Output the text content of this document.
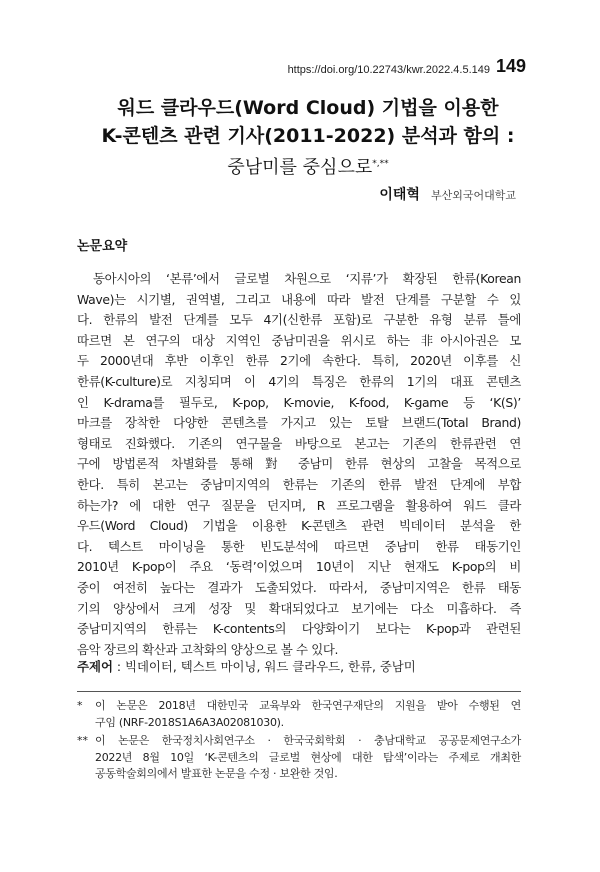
https://doi.org/10.22743/kwr.2022.4.5.149 149
워드 클라우드(Word Cloud) 기법을 이용한
K-콘텐츠 관련 기사(2011-2022) 분석과 함의 :
중남미를 중심으로*,**
이태혁 부산외국어대학교
논문요약
동아시아의 ‘본류’에서 글로벌 차원으로 ‘지류’가 확장된 한류(Korean
Wave)는 시기별, 권역별, 그리고 내용에 따라 발전 단계를 구분할 수 있
다. 한류의 발전 단계를 모두 4기(신한류 포함)로 구분한 유형 분류 틀에
따르면 본 연구의 대상 지역인 중남미권을 위시로 하는 非아시아권은 모
두 2000년대 후반 이후인 한류 2기에 속한다. 특히, 2020년 이후를 신
한류(K-culture)로 지칭되며 이 4기의 특징은 한류의 1기의 대표 콘텐츠
인 K-drama를 필두로, K-pop, K-movie, K-food, K-game 등 ‘K(S)’
마크를 장착한 다양한 콘텐츠를 가지고 있는 토탈 브랜드(Total Brand)
형태로 진화했다. 기존의 연구물을 바탕으로 본고는 기존의 한류관련 연
구에 방법론적 차별화를 통해 對 중남미 한류 현상의 고찰을 목적으로
한다. 특히 본고는 중남미지역의 한류는 기존의 한류 발전 단계에 부합
하는가? 에 대한 연구 질문을 던지며, R 프로그램을 활용하여 워드 클라
우드(Word Cloud) 기법을 이용한 K-콘텐츠 관련 빅데이터 분석을 한
다. 텍스트 마이닝을 통한 빈도분석에 따르면 중남미 한류 태동기인
2010년 K-pop이 주요 ‘동력’이었으며 10년이 지난 현재도 K-pop의 비
중이 여전히 높다는 결과가 도출되었다. 따라서, 중남미지역은 한류 태동
기의 양상에서 크게 성장 및 확대되었다고 보기에는 다소 미흡하다. 즉
중남미지역의 한류는 K-contents의 다양화이기 보다는 K-pop과 관련된
음악 장르의 확산과 고착화의 양상으로 볼 수 있다.
주제어 : 빅데이터, 텍스트 마이닝, 워드 클라우드, 한류, 중남미
*	이 논문은 2018년 대한민국 교육부와 한국연구재단의 지원을 받아 수행된 연
구임 (NRF-2018S1A6A3A02081030).
** 이 논문은 한국정치사회연구소 · 한국국회학회 · 충남대학교 공공문제연구소가
2022년 8월 10일 ‘K-콘텐츠의 글로벌 현상에 대한 탐색’이라는 주제로 개최한
공동학술회의에서 발표한 논문을 수정 · 보완한 것임.
